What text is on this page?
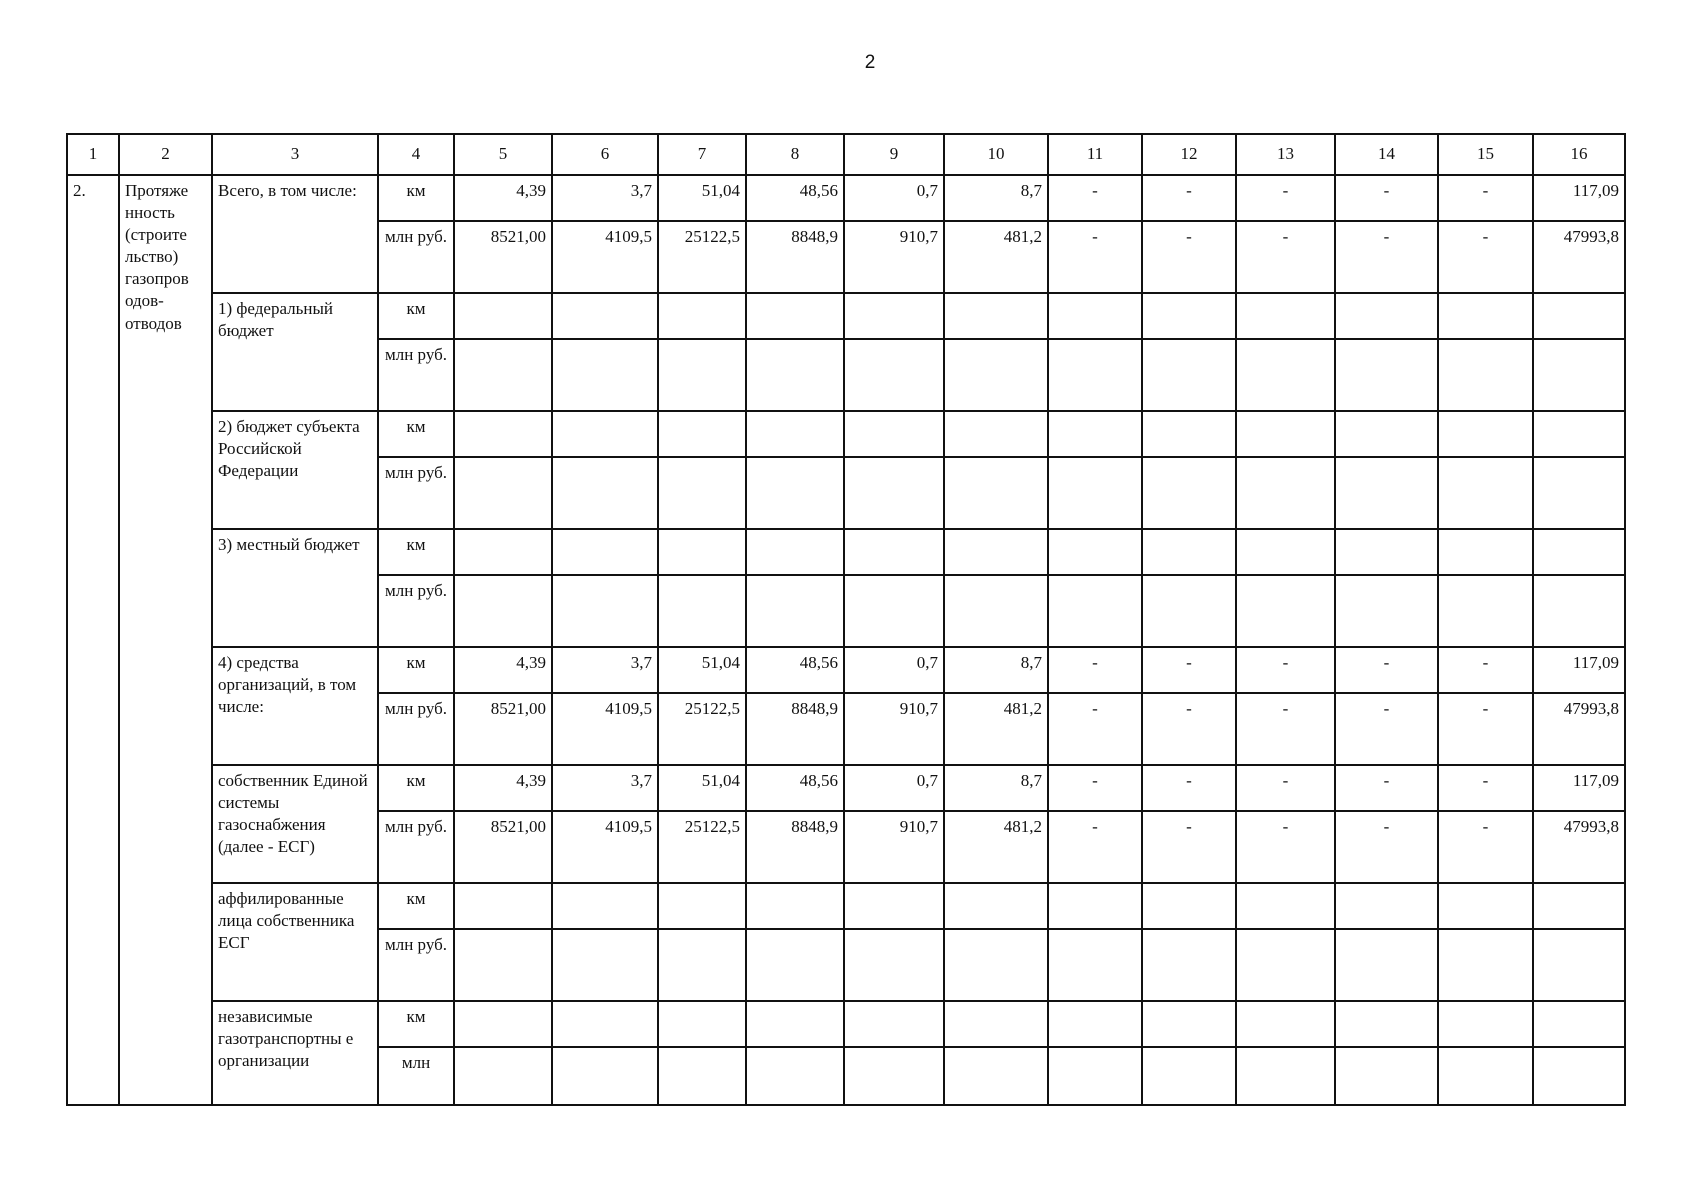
2
1	2	3	4	5	6	7	8	9	10	11	12	13	14	15	16
2.	Протяже нность (строите льство) газопров одов-отводов	Всего, в том числе:	км	4,39	3,7	51,04	48,56	0,7	8,7	-	-	-	-	-	117,09
			млн руб.	8521,00	4109,5	25122,5	8848,9	910,7	481,2	-	-	-	-	-	47993,8
		1) федеральный бюджет	км												
			млн руб.												
		2) бюджет субъекта Российской Федерации	км												
			млн руб.												
		3) местный бюджет	км												
			млн руб.												
		4) средства организаций, в том числе:	км	4,39	3,7	51,04	48,56	0,7	8,7	-	-	-	-	-	117,09
			млн руб.	8521,00	4109,5	25122,5	8848,9	910,7	481,2	-	-	-	-	-	47993,8
		собственник Единой системы газоснабжения (далее - ЕСГ)	км	4,39	3,7	51,04	48,56	0,7	8,7	-	-	-	-	-	117,09
			млн руб.	8521,00	4109,5	25122,5	8848,9	910,7	481,2	-	-	-	-	-	47993,8
		аффилированные лица собственника ЕСГ	км												
			млн руб.												
		независимые газотранспортны е организации	км												
			млн												
